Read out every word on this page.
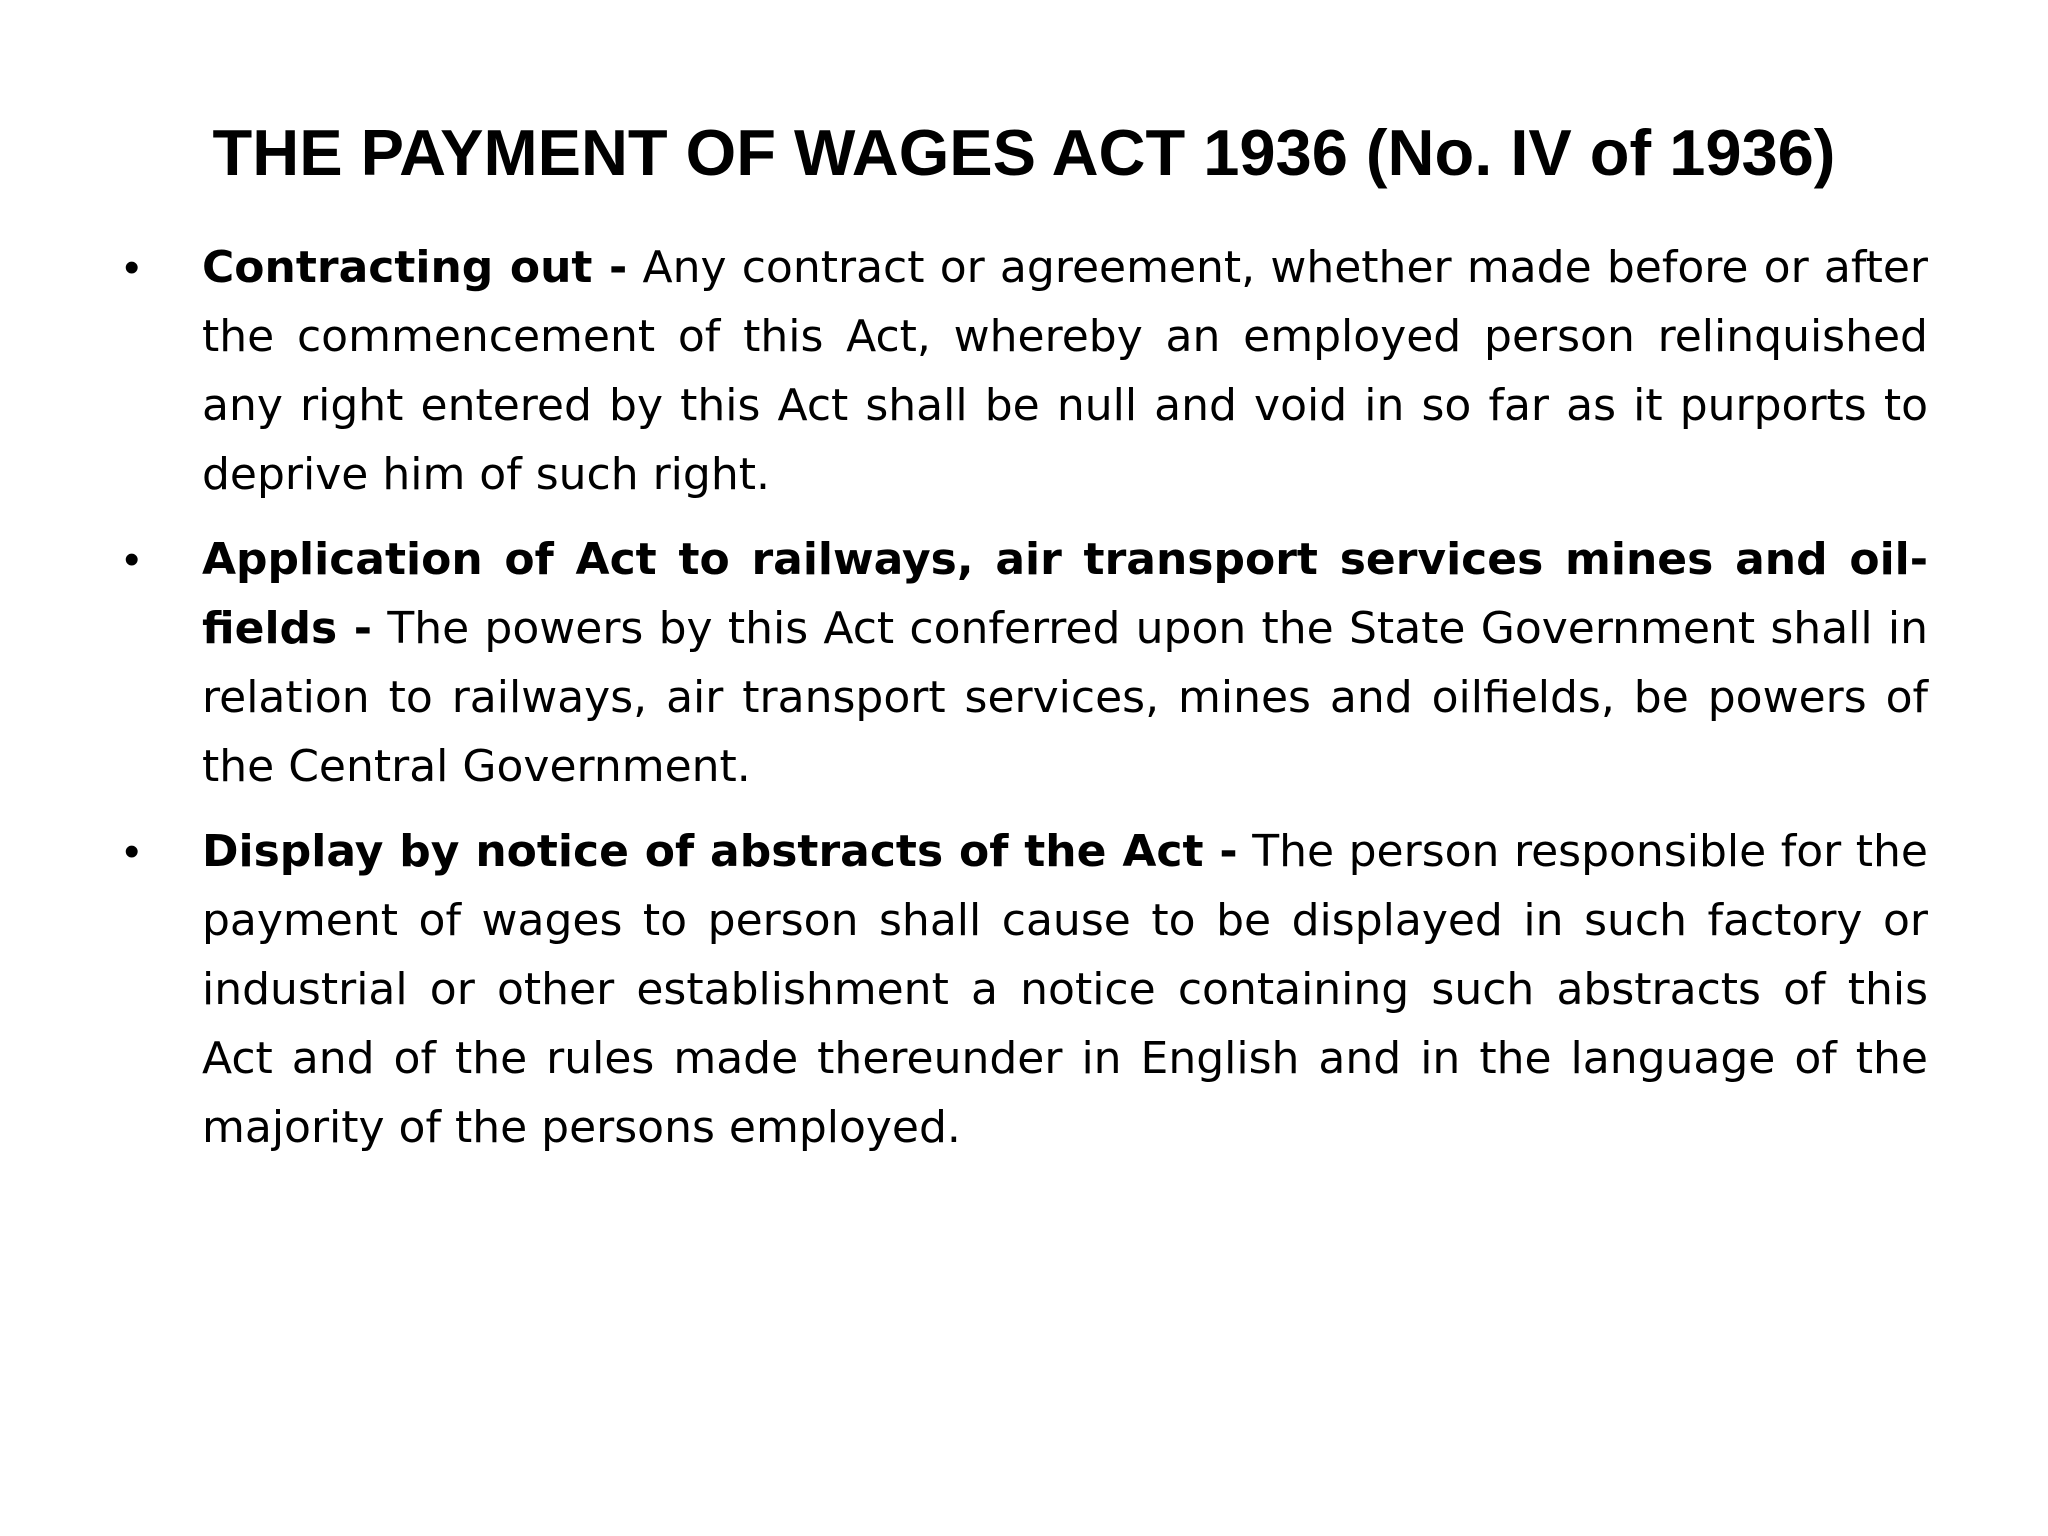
THE PAYMENT OF WAGES ACT 1936 (No. IV of 1936)
• Contracting out - Any contract or agreement, whether made before or after the commencement of this Act, whereby an employed person relinquished any right entered by this Act shall be null and void in so far as it purports to deprive him of such right.
• Application of Act to railways, air transport services mines and oil-fields - The powers by this Act conferred upon the State Government shall in relation to railways, air transport services, mines and oilfields, be powers of the Central Government.
• Display by notice of abstracts of the Act - The person responsible for the payment of wages to person shall cause to be displayed in such factory or industrial or other establishment a notice containing such abstracts of this Act and of the rules made thereunder in English and in the language of the majority of the persons employed.
